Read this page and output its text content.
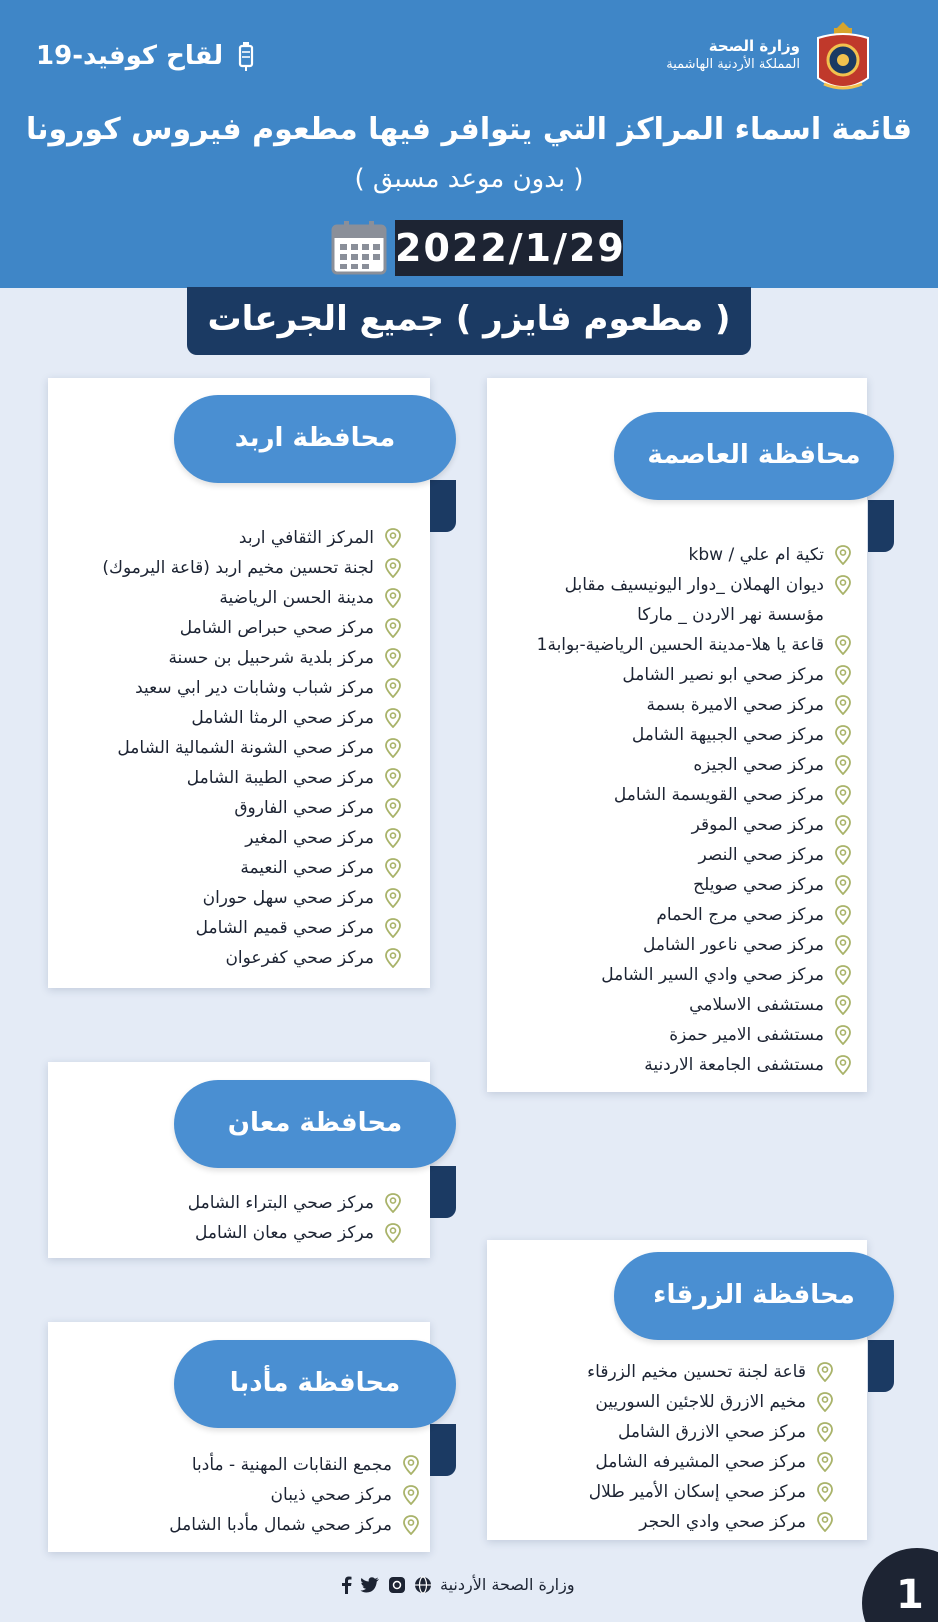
لقاح كوفيد-19	وزارة الصحة
المملكة الأردنية الهاشمية
قائمة اسماء المراكز التي يتوافر فيها مطعوم فيروس كورونا
( بدون موعد مسبق )
2022/1/29
( مطعوم فايزر ) جميع الجرعات
محافظة العاصمة
تكية ام علي / kbw
ديوان الهملان _دوار اليونيسيف مقابل
مؤسسة نهر الاردن _ ماركا
قاعة يا هلا-مدينة الحسين الرياضية-بوابة1
مركز صحي ابو نصير الشامل
مركز صحي الاميرة بسمة
مركز صحي الجبيهة الشامل
مركز صحي الجيزه
مركز صحي القويسمة الشامل
مركز صحي الموقر
مركز صحي النصر
مركز صحي صويلح
مركز صحي مرج الحمام
مركز صحي ناعور الشامل
مركز صحي وادي السير الشامل
مستشفى الاسلامي
مستشفى الامير حمزة
مستشفى الجامعة الاردنية
محافظة اربد
المركز الثقافي اربد
لجنة تحسين مخيم اربد (قاعة اليرموك)
مدينة الحسن الرياضية
مركز صحي حبراص الشامل
مركز بلدية شرحبيل بن حسنة
مركز شباب وشابات دير ابي سعيد
مركز صحي الرمثا الشامل
مركز صحي الشونة الشمالية الشامل
مركز صحي الطيبة الشامل
مركز صحي الفاروق
مركز صحي المغير
مركز صحي النعيمة
مركز صحي سهل حوران
مركز صحي قميم الشامل
مركز صحي كفرعوان
محافظة معان
مركز صحي البتراء الشامل
مركز صحي معان الشامل
محافظة الزرقاء
قاعة لجنة تحسين مخيم الزرقاء
مخيم الازرق للاجئين السوريين
مركز صحي الازرق الشامل
مركز صحي المشيرفه الشامل
مركز صحي إسكان الأمير طلال
مركز صحي وادي الحجر
محافظة مأدبا
مجمع النقابات المهنية - مأدبا
مركز صحي ذيبان
مركز صحي شمال مأدبا الشامل
وزارة الصحة الأردنية	1
